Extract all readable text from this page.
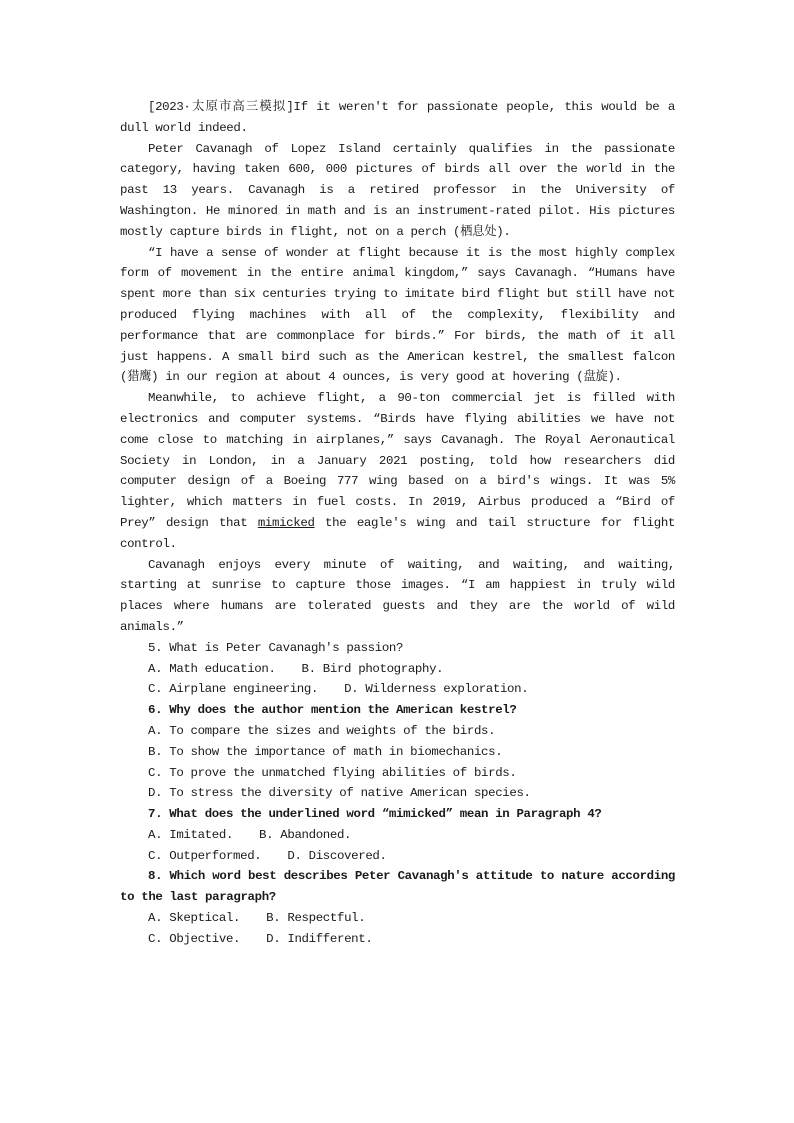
[2023·太原市高三模拟]If it weren't for passionate people, this would be a dull world indeed.

Peter Cavanagh of Lopez Island certainly qualifies in the passionate category, having taken 600, 000 pictures of birds all over the world in the past 13 years. Cavanagh is a retired professor in the University of Washington. He minored in math and is an instrument-rated pilot. His pictures mostly capture birds in flight, not on a perch (栖息处).

“I have a sense of wonder at flight because it is the most highly complex form of movement in the entire animal kingdom,” says Cavanagh. “Humans have spent more than six centuries trying to imitate bird flight but still have not produced flying machines with all of the complexity, flexibility and performance that are commonplace for birds.” For birds, the math of it all just happens. A small bird such as the American kestrel, the smallest falcon (猎鹰) in our region at about 4 ounces, is very good at hovering (盘旋).

Meanwhile, to achieve flight, a 90-ton commercial jet is filled with electronics and computer systems. “Birds have flying abilities we have not come close to matching in airplanes,” says Cavanagh. The Royal Aeronautical Society in London, in a January 2021 posting, told how researchers did computer design of a Boeing 777 wing based on a bird's wings. It was 5% lighter, which matters in fuel costs. In 2019, Airbus produced a “Bird of Prey” design that mimicked the eagle's wing and tail structure for flight control.

Cavanagh enjoys every minute of waiting, and waiting, and waiting, starting at sunrise to capture those images. “I am happiest in truly wild places where humans are tolerated guests and they are the world of wild animals.”

5. What is Peter Cavanagh's passion?

A. Math education. B. Bird photography.

C. Airplane engineering. D. Wilderness exploration.

6. Why does the author mention the American kestrel?

A. To compare the sizes and weights of the birds.

B. To show the importance of math in biomechanics.

C. To prove the unmatched flying abilities of birds.

D. To stress the diversity of native American species.

7. What does the underlined word “mimicked” mean in Paragraph 4?

A. Imitated. B. Abandoned.

C. Outperformed. D. Discovered.

8. Which word best describes Peter Cavanagh's attitude to nature according to the last paragraph?

A. Skeptical. B. Respectful.

C. Objective. D. Indifferent.
